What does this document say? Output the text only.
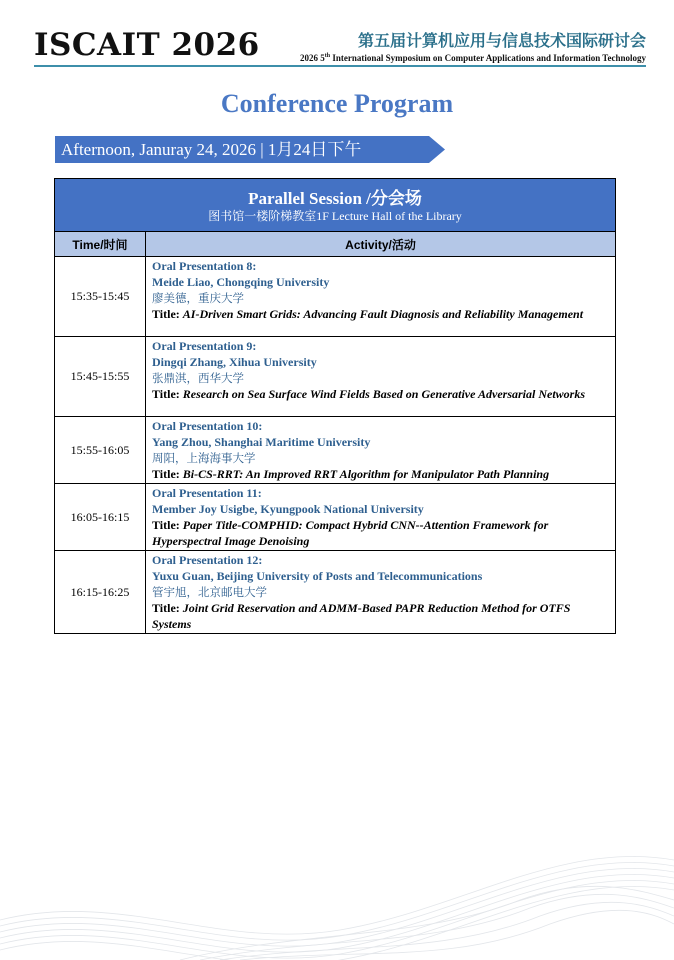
ISCAIT 2026	第五届计算机应用与信息技术国际研讨会
2026 5th International Symposium on Computer Applications and Information Technology
Conference Program
Afternoon, Januray 24, 2026 | 1月24日下午
Parallel Session /分会场
图书馆一楼阶梯教室1F Lecture Hall of the Library	

Time/时间	Activity/活动
15:35-15:45	Oral Presentation 8:
Meide Liao, Chongqing University
廖美德，重庆大学
Title: AI-Driven Smart Grids: Advancing Fault Diagnosis and Reliability Management

15:45-15:55	Oral Presentation 9:
Dingqi Zhang, Xihua University
张鼎淇，西华大学
Title: Research on Sea Surface Wind Fields Based on Generative Adversarial Networks

15:55-16:05	Oral Presentation 10:
Yang Zhou, Shanghai Maritime University
周阳，上海海事大学
Title: Bi-CS-RRT: An Improved RRT Algorithm for Manipulator Path Planning

16:05-16:15	Oral Presentation 11:
Member Joy Usigbe, Kyungpook National University
Title: Paper Title-COMPHID: Compact Hybrid CNN--Attention Framework for Hyperspectral Image Denoising

16:15-16:25	Oral Presentation 12:
Yuxu Guan, Beijing University of Posts and Telecommunications
管宇旭，北京邮电大学
Title: Joint Grid Reservation and ADMM-Based PAPR Reduction Method for OTFS Systems
